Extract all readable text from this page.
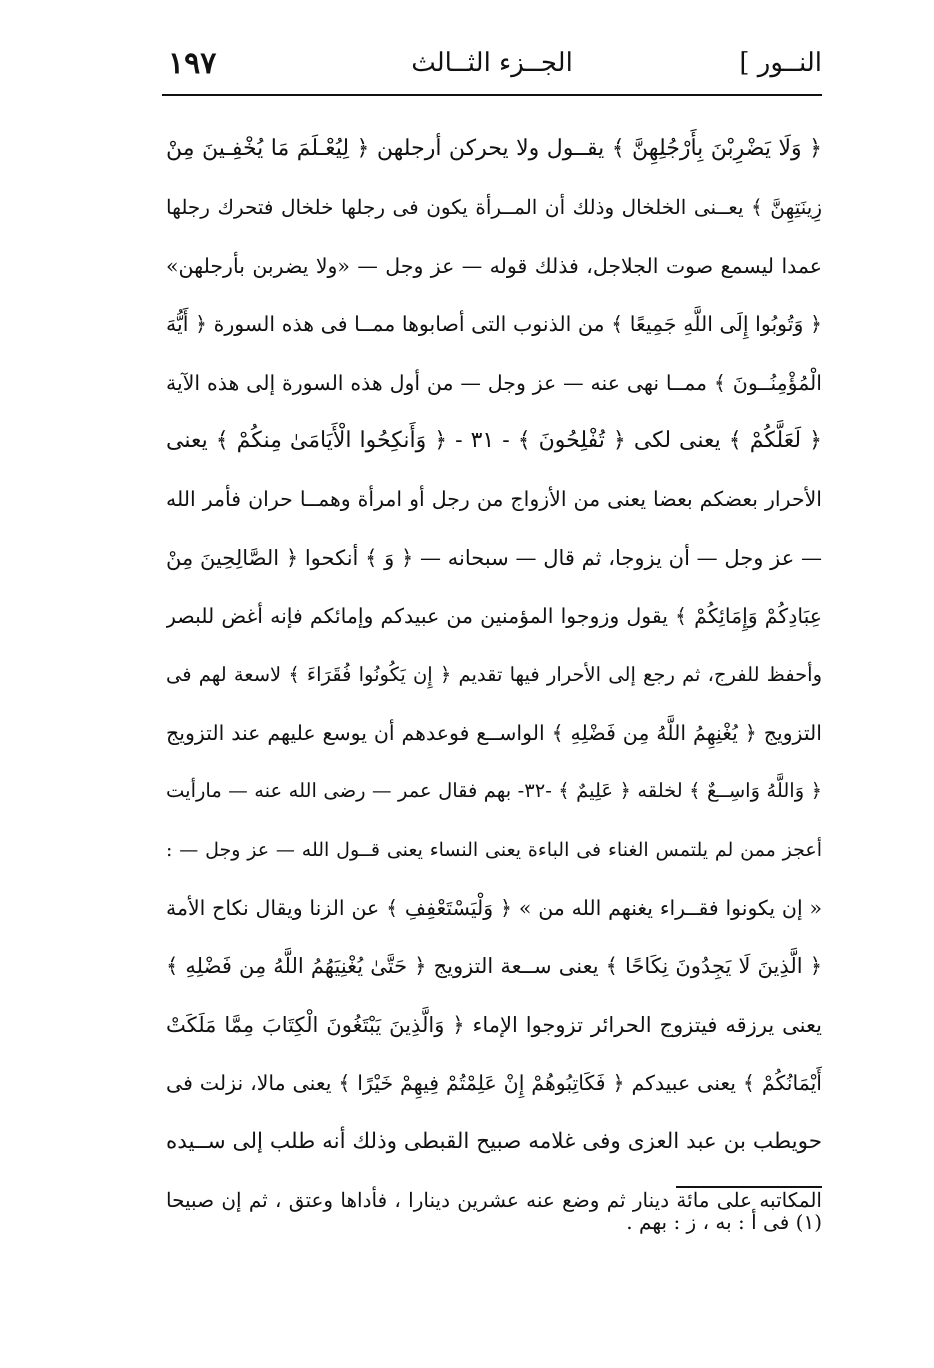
النــور ]
الجــزء الثــالث
١٩٧
﴿ وَلَا يَضْرِبْنَ بِأَرْجُلِهِنَّ ﴾ يقــول ولا يحركن أرجلهن ﴿ لِيُعْـلَمَ مَا يُخْفِـينَ مِنْ
زِينَتِهِنَّ ﴾ يعــنى الخلخال وذلك أن المــرأة يكون فى رجلها خلخال فتحرك رجلها
عمدا ليسمع صوت الجلاجل، فذلك قوله — عز وجل — «ولا يضربن بأرجلهن»
﴿ وَتُوبُوا إِلَى اللَّهِ جَمِيعًا ﴾ من الذنوب التى أصابوها ممــا فى هذه السورة ﴿ أَيُّهَ
الْمُؤْمِنُــونَ ﴾ ممــا نهى عنه — عز وجل — من أول هذه السورة إلى هذه الآية
﴿ لَعَلَّكُمْ ﴾ يعنى لكى ﴿ تُفْلِحُونَ ﴾ - ٣١ - ﴿ وَأَنكِحُوا الْأَيَامَىٰ مِنكُمْ ﴾ يعنى
الأحرار بعضكم بعضا يعنى من الأزواج من رجل أو امرأة وهمــا حران فأمر الله
— عز وجل — أن يزوجا، ثم قال — سبحانه — ﴿ وَ ﴾ أنكحوا ﴿ الصَّالِحِينَ مِنْ
عِبَادِكُمْ وَإِمَائِكُمْ ﴾ يقول وزوجوا المؤمنين من عبيدكم وإمائكم فإنه أغض للبصر
وأحفظ للفرج، ثم رجع إلى الأحرار فيها تقديم ﴿ إِن يَكُونُوا فُقَرَاءَ ﴾ لاسعة لهم فى
التزويج ﴿ يُغْنِهِمُ اللَّهُ مِن فَضْلِهِ ﴾ الواســع فوعدهم أن يوسع عليهم عند التزويج
﴿ وَاللَّهُ وَاسِــعٌ ﴾ لخلقه ﴿ عَلِيمٌ ﴾ -٣٢- بهم فقال عمر — رضى الله عنه — مارأيت
أعجز ممن لم يلتمس الغناء فى الباءة يعنى النساء يعنى قــول الله — عز وجل — :
« إن يكونوا فقــراء يغنهم الله من » ﴿ وَلْيَسْتَعْفِفِ ﴾ عن الزنا ويقال نكاح الأمة
﴿ الَّذِينَ لَا يَجِدُونَ نِكَاحًا ﴾ يعنى ســعة التزويج ﴿ حَتَّىٰ يُغْنِيَهُمُ اللَّهُ مِن فَضْلِهِ ﴾
يعنى يرزقه فيتزوج الحرائر تزوجوا الإماء ﴿ وَالَّذِينَ يَبْتَغُونَ الْكِتَابَ مِمَّا مَلَكَتْ
أَيْمَانُكُمْ ﴾ يعنى عبيدكم ﴿ فَكَاتِبُوهُمْ إِنْ عَلِمْتُمْ فِيهِمْ خَيْرًا ﴾ يعنى مالا، نزلت فى
حويطب بن عبد العزى وفى غلامه صبيح القبطى وذلك أنه طلب إلى ســيده
المكاتبه على مائة دينار ثم وضع عنه عشرين دينارا ، فأداها وعتق ، ثم إن صبيحا
(١) فى أ : به ، ز : بهم .
